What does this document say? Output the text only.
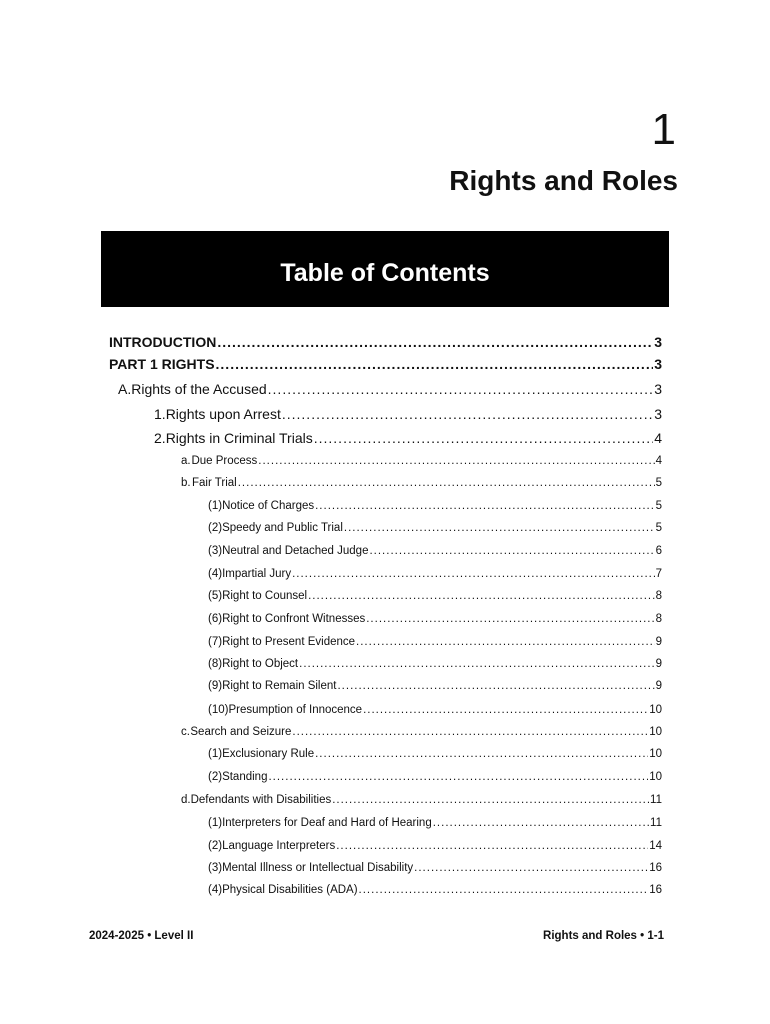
1
Rights and Roles
Table of Contents
INTRODUCTION .....	3
PART 1 RIGHTS .....	3
A. Rights of the Accused .....	3
1. Rights upon Arrest .....	3
2. Rights in Criminal Trials .....	4
a. Due Process .....	4
b. Fair Trial .....	5
(1) Notice of Charges .....	5
(2) Speedy and Public Trial .....	5
(3) Neutral and Detached Judge .....	6
(4) Impartial Jury .....	7
(5) Right to Counsel .....	8
(6) Right to Confront Witnesses .....	8
(7) Right to Present Evidence .....	9
(8) Right to Object .....	9
(9) Right to Remain Silent .....	9
(10) Presumption of Innocence .....	10
c. Search and Seizure .....	10
(1) Exclusionary Rule .....	10
(2) Standing .....	10
d. Defendants with Disabilities .....	11
(1) Interpreters for Deaf and Hard of Hearing .....	11
(2) Language Interpreters .....	14
(3) Mental Illness or Intellectual Disability .....	16
(4) Physical Disabilities (ADA) .....	16
2024-2025 • Level II	Rights and Roles • 1-1
